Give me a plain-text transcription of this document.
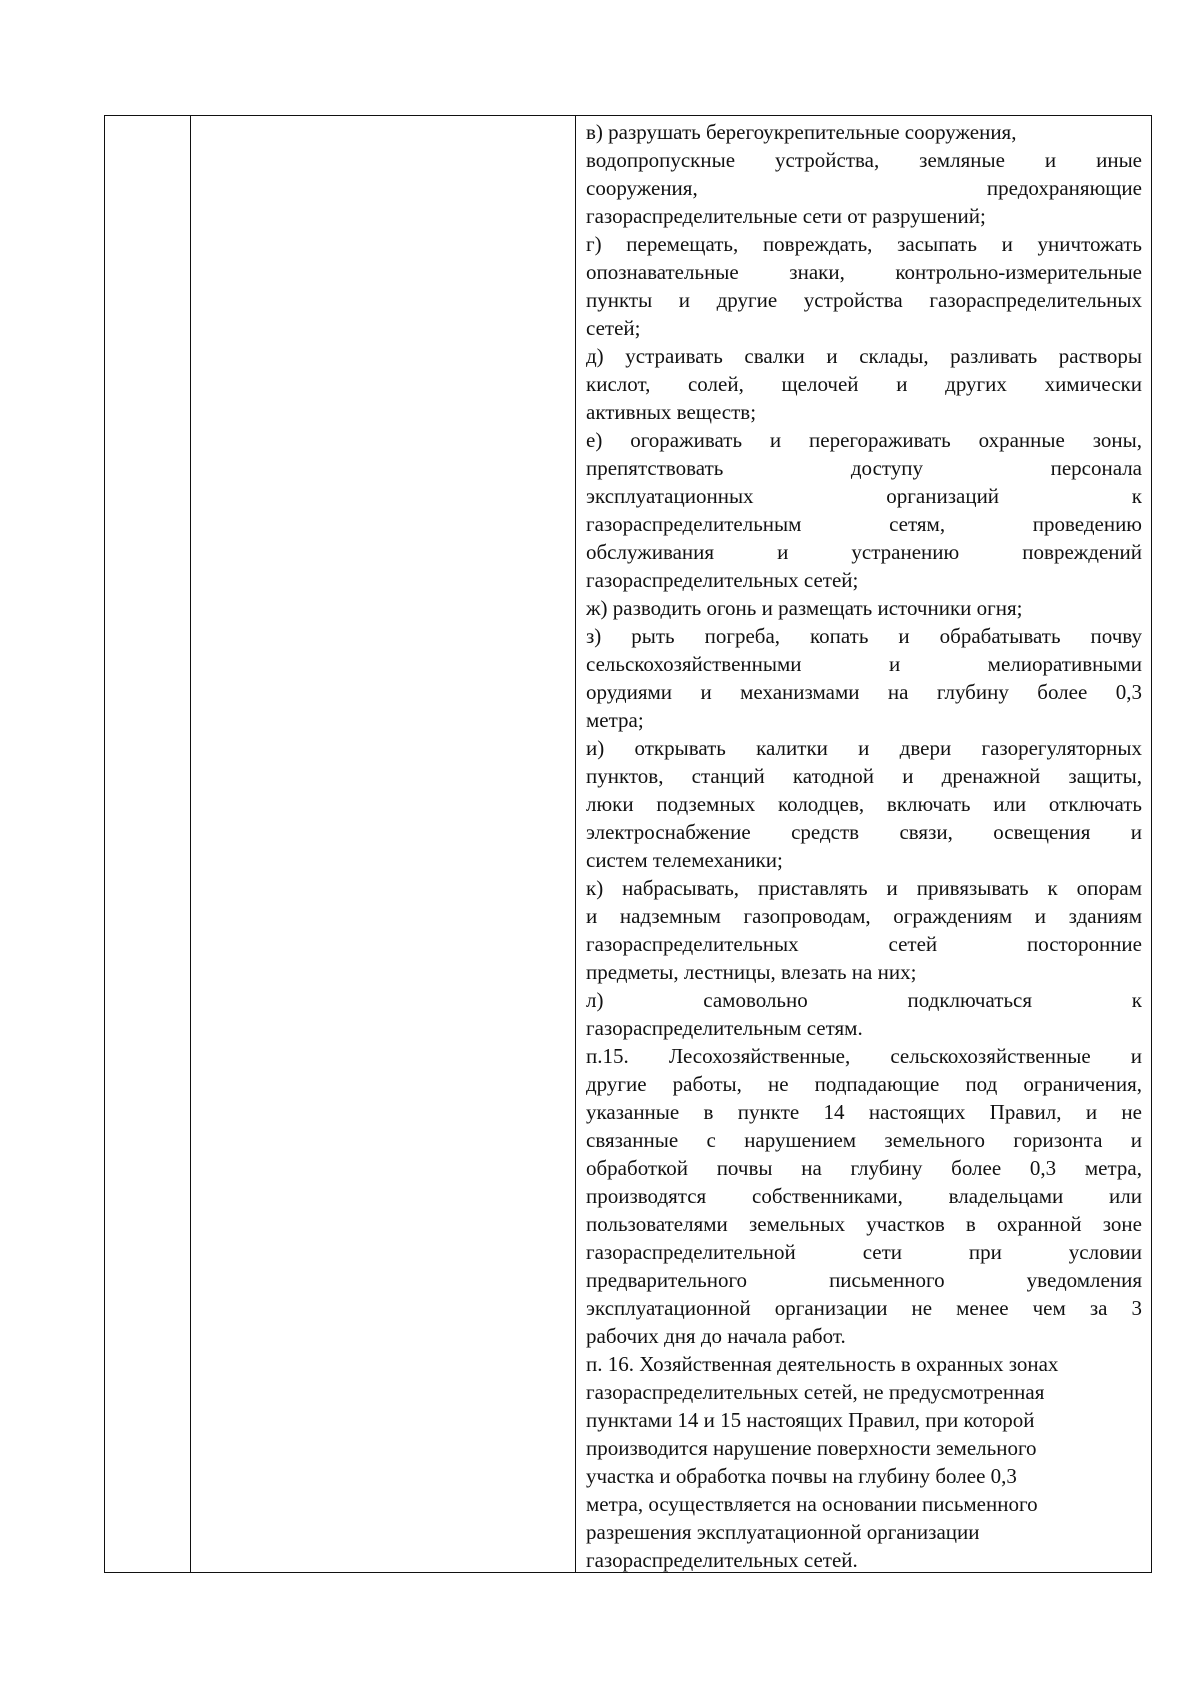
в) разрушать берегоукрепительные сооружения,
водопропускные устройства, земляные и иные
сооружения, предохраняющие
газораспределительные сети от разрушений;
г) перемещать, повреждать, засыпать и уничтожать
опознавательные знаки, контрольно-измерительные
пункты и другие устройства газораспределительных
сетей;
д) устраивать свалки и склады, разливать растворы
кислот, солей, щелочей и других химически
активных веществ;
е) огораживать и перегораживать охранные зоны,
препятствовать доступу персонала
эксплуатационных организаций к
газораспределительным сетям, проведению
обслуживания и устранению повреждений
газораспределительных сетей;
ж) разводить огонь и размещать источники огня;
з) рыть погреба, копать и обрабатывать почву
сельскохозяйственными и мелиоративными
орудиями и механизмами на глубину более 0,3
метра;
и) открывать калитки и двери газорегуляторных
пунктов, станций катодной и дренажной защиты,
люки подземных колодцев, включать или отключать
электроснабжение средств связи, освещения и
систем телемеханики;
к) набрасывать, приставлять и привязывать к опорам
и надземным газопроводам, ограждениям и зданиям
газораспределительных сетей посторонние
предметы, лестницы, влезать на них;
л) самовольно подключаться к
газораспределительным сетям.
п.15. Лесохозяйственные, сельскохозяйственные и
другие работы, не подпадающие под ограничения,
указанные в пункте 14 настоящих Правил, и не
связанные с нарушением земельного горизонта и
обработкой почвы на глубину более 0,3 метра,
производятся собственниками, владельцами или
пользователями земельных участков в охранной зоне
газораспределительной сети при условии
предварительного письменного уведомления
эксплуатационной организации не менее чем за 3
рабочих дня до начала работ.
п. 16. Хозяйственная деятельность в охранных зонах
газораспределительных сетей, не предусмотренная
пунктами 14 и 15 настоящих Правил, при которой
производится нарушение поверхности земельного
участка и обработка почвы на глубину более 0,3
метра, осуществляется на основании письменного
разрешения эксплуатационной организации
газораспределительных сетей.
